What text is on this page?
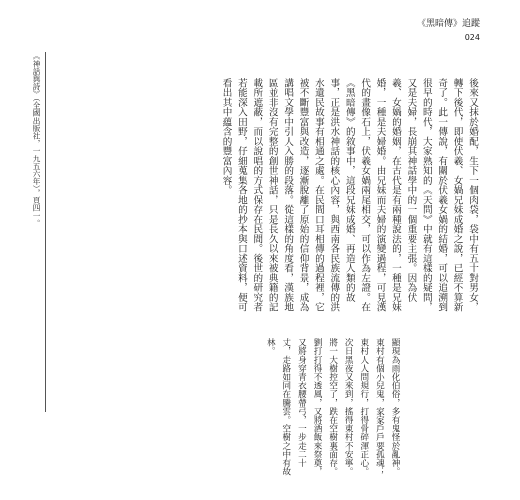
《黑暗傳》追蹤
024
後來又抹於婚配，生下一個肉袋，袋中有五十對男女，轉下後代，即使伏羲、女媧兄妹成婚之說，已經不算新奇了。此一傳說，有關於伏羲女媧的結婚，可以追溯到很早的時代，大家熟知的《天問》中就有這樣的疑問，又是夫婦，長崩其神話學中的一個重要主張。因為伏羲、女媧的婚姻，在古代是有兩種說法的，一種是兄妹婚，一種是夫婦婚。由兄妹而夫婦的演變過程，可見漢代的畫像石上，伏羲女媧兩尾相交，可以作為左證。在《黑暗傳》的敘事中，這段兄妹成婚、再造人類的故事，正是洪水神話的核心內容，與西南各民族流傳的洪水遺民故事有相通之處。在民間口耳相傳的過程裡，它被不斷豐富與改造，逐漸脫離了原始的信仰背景，成為講唱文學中引人入勝的段落。從這樣的角度看，漢族地區並非沒有完整的創世神話，只是長久以來被典籍的記載所遮蔽，而以說唱的方式保存在民間。後世的研究者若能深入田野，仔細蒐集各地的抄本與口述資料，便可看出其中蘊含的豐富內容。
顯現為雨化伯俗，多有鬼怪於亂神。東村有個小兒鬼，家家戶戶要孤魂；東村人人問規行，打得骨碎渾正心。次日黑夜又來到，搖得東村不安寧。將一大樹控空了，跌在空樹裏面存。劉打打得不透風，又將酒飯來祭奠，又將身穿青衣腰帶弓，一步走二十丈，走路如同在騰雲。空樹之中有故林。
《神話與詩》（全國出版社，一九五六年），頁四一。
